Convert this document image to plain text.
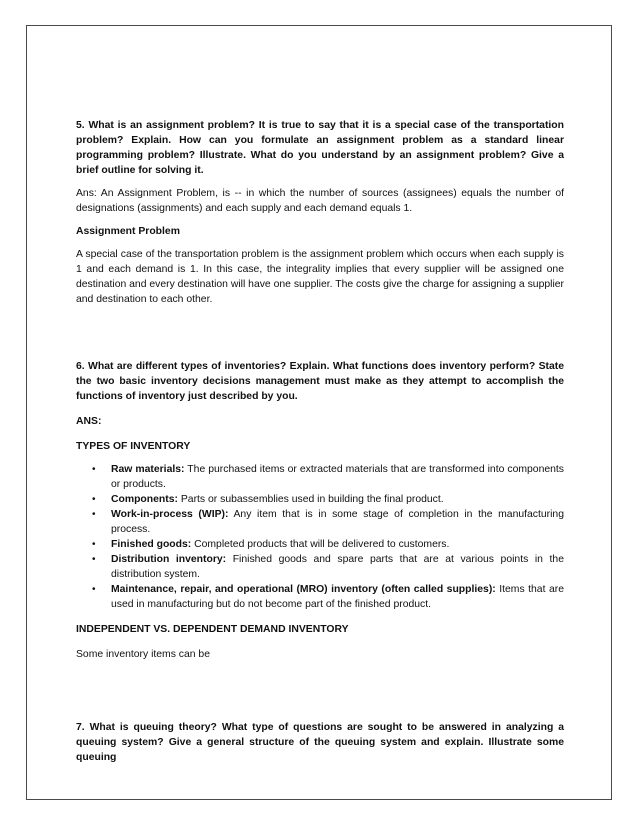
5. What is an assignment problem? It is true to say that it is a special case of the transportation problem? Explain. How can you formulate an assignment problem as a standard linear programming problem? Illustrate. What do you understand by an assignment problem? Give a brief outline for solving it.

Ans: An Assignment Problem, is -- in which the number of sources (assignees) equals the number of designations (assignments) and each supply and each demand equals 1.

Assignment Problem

A special case of the transportation problem is the assignment problem which occurs when each supply is 1 and each demand is 1. In this case, the integrality implies that every supplier will be assigned one destination and every destination will have one supplier. The costs give the charge for assigning a supplier and destination to each other.

6. What are different types of inventories? Explain. What functions does inventory perform? State the two basic inventory decisions management must make as they attempt to accomplish the functions of inventory just described by you.

ANS:

TYPES OF INVENTORY

• Raw materials: The purchased items or extracted materials that are transformed into components or products.
• Components: Parts or subassemblies used in building the final product.
• Work-in-process (WIP): Any item that is in some stage of completion in the manufacturing process.
• Finished goods: Completed products that will be delivered to customers.
• Distribution inventory: Finished goods and spare parts that are at various points in the distribution system.
• Maintenance, repair, and operational (MRO) inventory (often called supplies): Items that are used in manufacturing but do not become part of the finished product.

INDEPENDENT VS. DEPENDENT DEMAND INVENTORY

Some inventory items can be

7. What is queuing theory? What type of questions are sought to be answered in analyzing a queuing system? Give a general structure of the queuing system and explain. Illustrate some queuing
